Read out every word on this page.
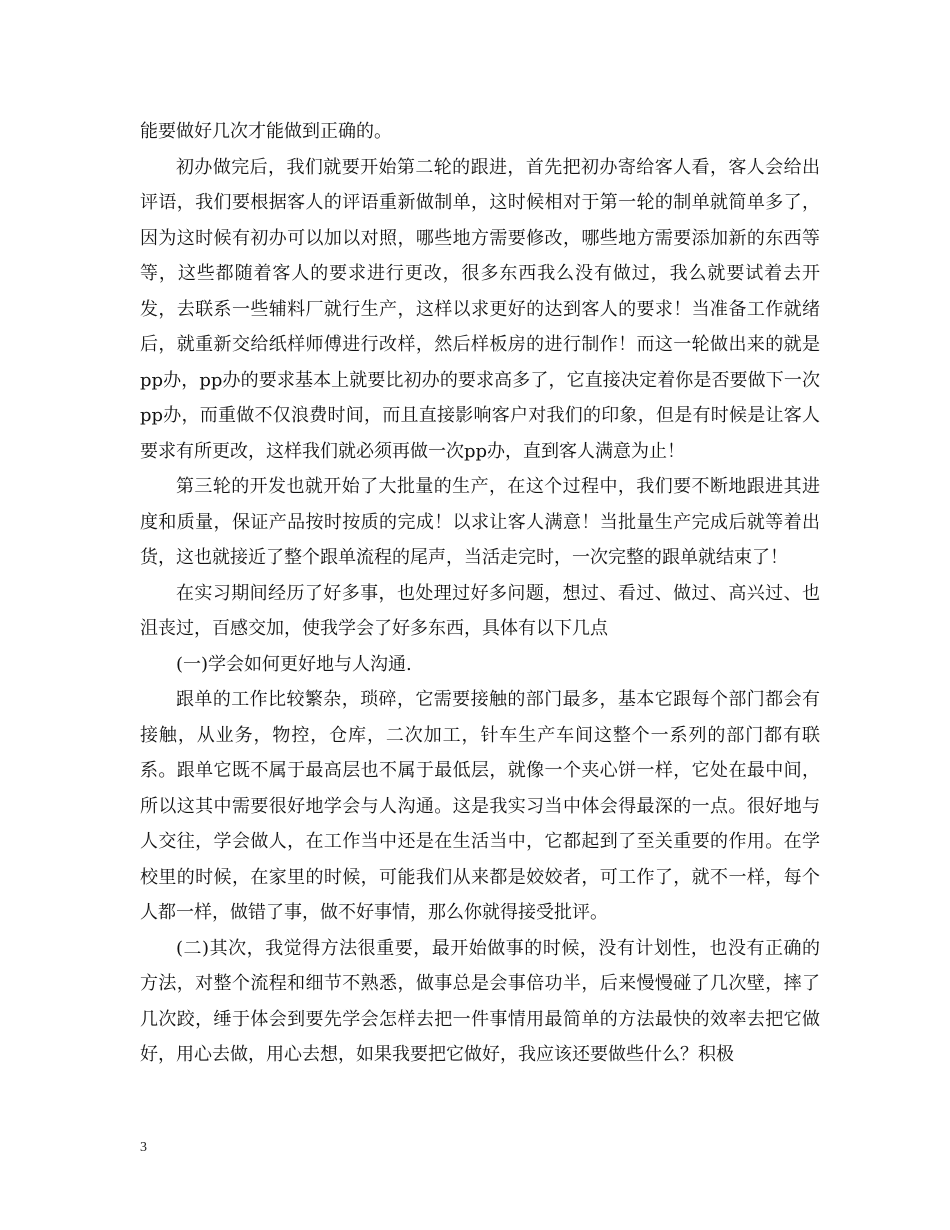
能要做好几次才能做到正确的。

初办做完后，我们就要开始第二轮的跟进，首先把初办寄给客人看，客人会给出评语，我们要根据客人的评语重新做制单，这时候相对于第一轮的制单就简单多了，因为这时候有初办可以加以对照，哪些地方需要修改，哪些地方需要添加新的东西等等，这些都随着客人的要求进行更改，很多东西我么没有做过，我么就要试着去开发，去联系一些辅料厂就行生产，这样以求更好的达到客人的要求！当准备工作就绪后，就重新交给纸样师傅进行改样，然后样板房的进行制作！而这一轮做出来的就是pp办，pp办的要求基本上就要比初办的要求高多了，它直接决定着你是否要做下一次pp办，而重做不仅浪费时间，而且直接影响客户对我们的印象，但是有时候是让客人要求有所更改，这样我们就必须再做一次pp办，直到客人满意为止！

第三轮的开发也就开始了大批量的生产，在这个过程中，我们要不断地跟进其进度和质量，保证产品按时按质的完成！以求让客人满意！当批量生产完成后就等着出货，这也就接近了整个跟单流程的尾声，当活走完时，一次完整的跟单就结束了！

在实习期间经历了好多事，也处理过好多问题，想过、看过、做过、高兴过、也沮丧过，百感交加，使我学会了好多东西，具体有以下几点

(一)学会如何更好地与人沟通.

跟单的工作比较繁杂，琐碎，它需要接触的部门最多，基本它跟每个部门都会有接触，从业务，物控，仓库，二次加工，针车生产车间这整个一系列的部门都有联系。跟单它既不属于最高层也不属于最低层，就像一个夹心饼一样，它处在最中间，所以这其中需要很好地学会与人沟通。这是我实习当中体会得最深的一点。很好地与人交往，学会做人，在工作当中还是在生活当中，它都起到了至关重要的作用。在学校里的时候，在家里的时候，可能我们从来都是姣姣者，可工作了，就不一样，每个人都一样，做错了事，做不好事情，那么你就得接受批评。

(二)其次，我觉得方法很重要，最开始做事的时候，没有计划性，也没有正确的方法，对整个流程和细节不熟悉，做事总是会事倍功半，后来慢慢碰了几次壁，摔了几次跤，缍于体会到要先学会怎样去把一件事情用最简单的方法最快的效率去把它做好，用心去做，用心去想，如果我要把它做好，我应该还要做些什么？积极

3
